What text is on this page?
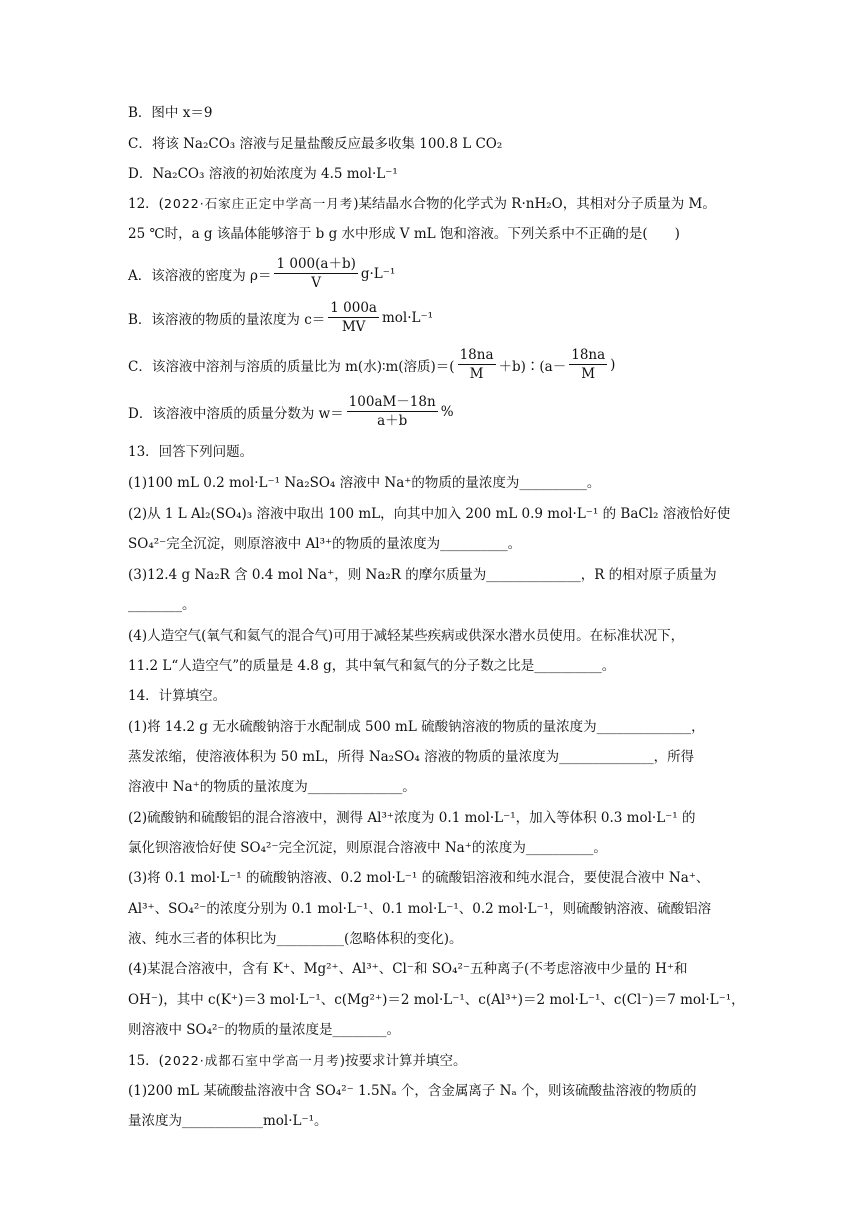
B．图中 x＝9
C．将该 Na₂CO₃ 溶液与足量盐酸反应最多收集 100.8 L CO₂
D．Na₂CO₃ 溶液的初始浓度为 4.5 mol·L⁻¹
12．(2022·石家庄正定中学高一月考)某结晶水合物的化学式为 R·nH₂O，其相对分子质量为 M。
25 ℃时，a g 该晶体能够溶于 b g 水中形成 V mL 饱和溶液。下列关系中不正确的是(　　)
A．该溶液的密度为 $\rho= \frac{1 000(a+b)}{V} g\cdot L^{-1}$
B．该溶液的物质的量浓度为 $c= \frac{1 000a}{MV} mol\cdot L^{-1}$
C．该溶液中溶剂与溶质的质量比为 m(水)∶m(溶质)＝( $\frac{18na}{M}$ ＋b)∶(a－ $\frac{18na}{M}$ )
D．该溶液中溶质的质量分数为 $w= \frac{100aM-18n}{a+b}$ %
13．回答下列问题。
(1)100 mL 0.2 mol·L⁻¹ Na₂SO₄ 溶液中 Na⁺的物质的量浓度为__________。
(2)从 1 L Al₂(SO₄)₃ 溶液中取出 100 mL，向其中加入 200 mL 0.9 mol·L⁻¹ 的 BaCl₂ 溶液恰好使
SO₄²⁻完全沉淀，则原溶液中 Al³⁺的物质的量浓度为__________。
(3)12.4 g Na₂R 含 0.4 mol Na⁺，则 Na₂R 的摩尔质量为______________，R 的相对原子质量为
________。
(4)人造空气(氧气和氦气的混合气)可用于减轻某些疾病或供深水潜水员使用。在标准状况下，
11.2 L“人造空气”的质量是 4.8 g，其中氧气和氦气的分子数之比是__________。
14．计算填空。
(1)将 14.2 g 无水硫酸钠溶于水配制成 500 mL 硫酸钠溶液的物质的量浓度为______________，
蒸发浓缩，使溶液体积为 50 mL，所得 Na₂SO₄ 溶液的物质的量浓度为______________，所得
溶液中 Na⁺的物质的量浓度为______________。
(2)硫酸钠和硫酸铝的混合溶液中，测得 Al³⁺浓度为 0.1 mol·L⁻¹，加入等体积 0.3 mol·L⁻¹ 的
氯化钡溶液恰好使 SO₄²⁻完全沉淀，则原混合溶液中 Na⁺的浓度为__________。
(3)将 0.1 mol·L⁻¹ 的硫酸钠溶液、0.2 mol·L⁻¹ 的硫酸铝溶液和纯水混合，要使混合液中 Na⁺、
Al³⁺、SO₄²⁻的浓度分别为 0.1 mol·L⁻¹、0.1 mol·L⁻¹、0.2 mol·L⁻¹，则硫酸钠溶液、硫酸铝溶
液、纯水三者的体积比为__________(忽略体积的变化)。
(4)某混合溶液中，含有 K⁺、Mg²⁺、Al³⁺、Cl⁻和 SO₄²⁻五种离子(不考虑溶液中少量的 H⁺和
OH⁻)，其中 c(K⁺)＝3 mol·L⁻¹、c(Mg²⁺)＝2 mol·L⁻¹、c(Al³⁺)＝2 mol·L⁻¹、c(Cl⁻)＝7 mol·L⁻¹，
则溶液中 SO₄²⁻的物质的量浓度是________。
15．(2022·成都石室中学高一月考)按要求计算并填空。
(1)200 mL 某硫酸盐溶液中含 SO₄²⁻ 1.5Nₐ 个，含金属离子 Nₐ 个，则该硫酸盐溶液的物质的
量浓度为____________mol·L⁻¹。
